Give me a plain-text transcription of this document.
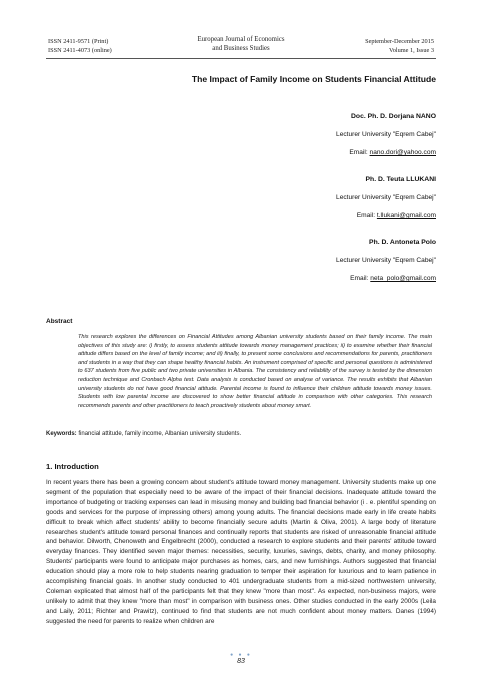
ISSN 2411-9571 (Print)
ISSN 2411-4073 (online)
European Journal of Economics
and Business Studies
September-December 2015
Volume 1, Issue 3
The Impact of Family Income on Students Financial Attitude
Doc. Ph. D. Dorjana NANO
Lecturer University "Eqrem Cabej"
Email: nano.dori@yahoo.com
Ph. D. Teuta LLUKANI
Lecturer University "Eqrem Cabej"
Email: t.llukani@gmail.com
Ph. D. Antoneta Polo
Lecturer University "Eqrem Cabej"
Email: neta_polo@gmail.com
Abstract
This research explores the differences on Financial Attitudes among Albanian university students based on their family income. The main objectives of this study are: i) firstly, to assess students attitude towards money management practices; ii) to examine whether their financial attitude differs based on the level of family income; and iii) finally, to present some conclusions and recommendations for parents, practitioners and students in a way that they can shape healthy financial habits. An instrument comprised of specific and personal questions is administered to 637 students from five public and two private universities in Albania. The consistency and reliability of the survey is tested by the dimension reduction technique and Cronbach Alpha test. Data analysis is conducted based on analyse of variance. The results exhibits that Albanian university students do not have good financial attitude. Parental income is found to influence their children attitude towards money issues. Students with low parental income are discovered to show better financial attitude in comparison with other categories. This research recommends parents and other practitioners to teach proactively students about money smart.
Keywords: financial attitude, family income, Albanian university students.
1. Introduction
In recent years there has been a growing concern about student's attitude toward money management. University students make up one segment of the population that especially need to be aware of the impact of their financial decisions. Inadequate attitude toward the importance of budgeting or tracking expenses can lead in misusing money and building bad financial behavior (i . e. plentiful spending on goods and services for the purpose of impressing others) among young adults. The financial decisions made early in life create habits difficult to break which affect students' ability to become financially secure adults (Martin & Oliva, 2001). A large body of literature researches student's attitude toward personal finances and continually reports that students are risked of unreasonable financial attitude and behavior. Dilworth, Chenoweth and Engelbrecht (2000), conducted a research to explore students and their parents' attitude toward everyday finances. They identified seven major themes: necessities, security, luxuries, savings, debts, charity, and money philosophy. Students' participants were found to anticipate major purchases as homes, cars, and new furnishings. Authors suggested that financial education should play a more role to help students nearing graduation to temper their aspiration for luxurious and to learn patience in accomplishing financial goals. In another study conducted to 401 undergraduate students from a mid-sized northwestern university, Coleman explicated that almost half of the participants felt that they knew "more than most". As expected, non-business majors, were unlikely to admit that they knew "more than most" in comparison with business ones. Other studies conducted in the early 2000s (Leila and Laily, 2011; Richter and Prawitz), continued to find that students are not much confident about money matters. Danes (1994) suggested the need for parents to realize when children are
● ● ●
83
